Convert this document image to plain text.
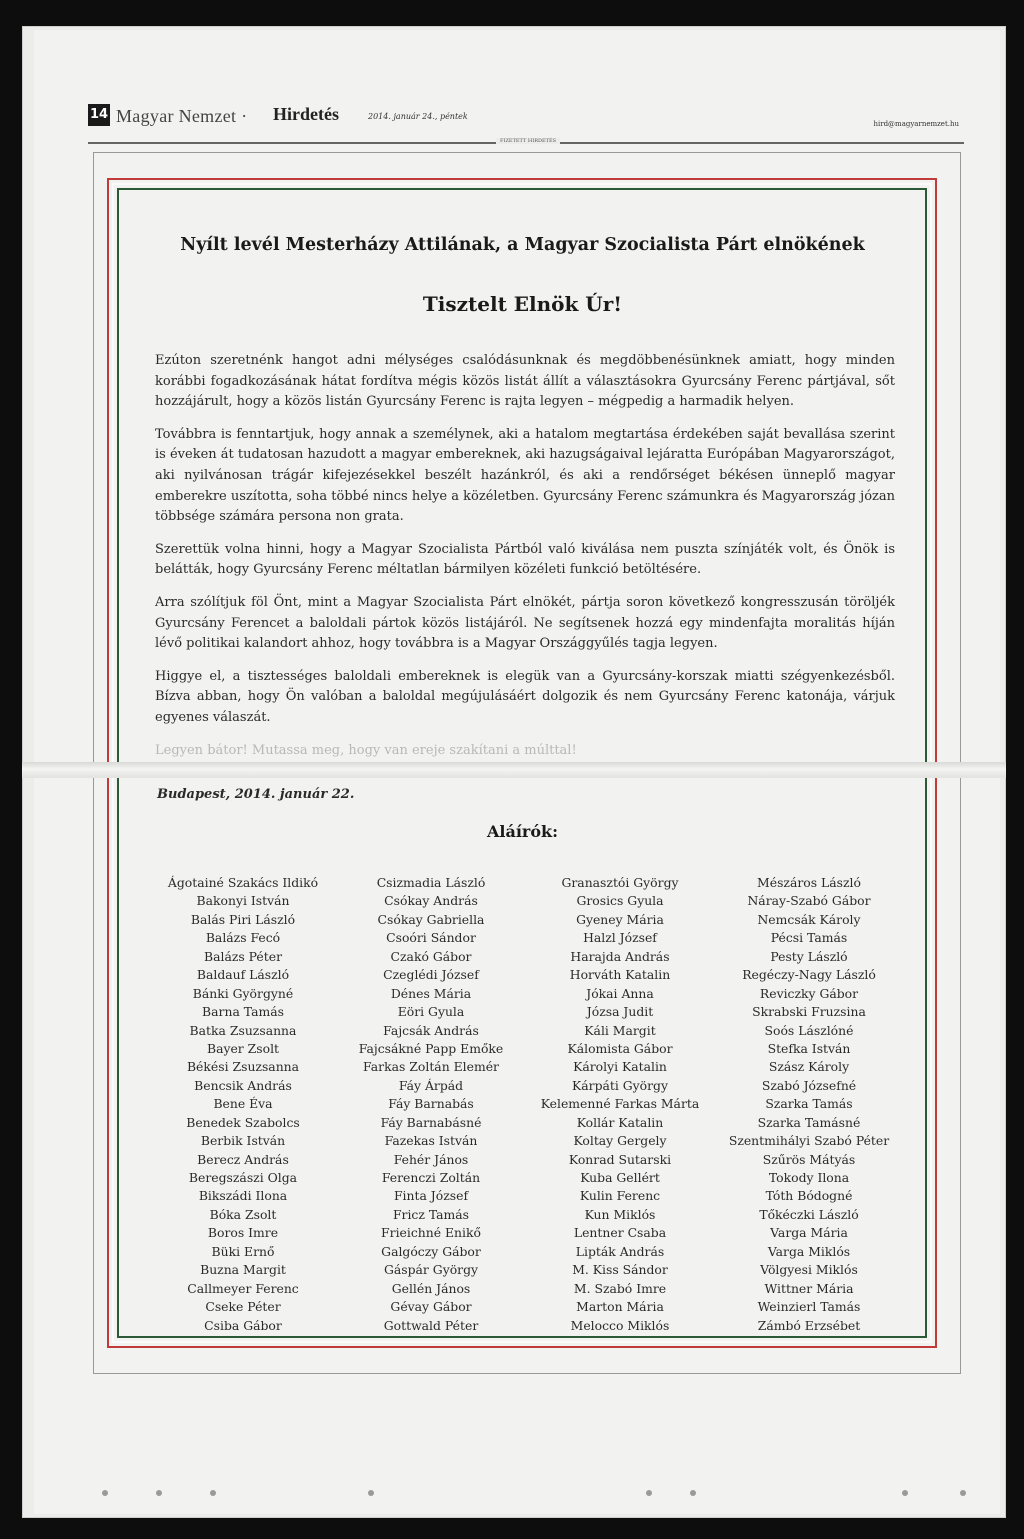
14 Magyar Nemzet · Hirdetés	2014. január 24., péntek
hird@magyarnemzet.hu
FIZETETT HIRDETÉS
Nyílt levél Mesterházy Attilának, a Magyar Szocialista Párt elnökének
Tisztelt Elnök Úr!

Ezúton szeretnénk hangot adni mélységes csalódásunknak és megdöbbenésünknek amiatt, hogy minden korábbi fogadkozásának hátat fordítva mégis közös listát állít a választásokra Gyurcsány Ferenc pártjával, sőt hozzájárult, hogy a közös listán Gyurcsány Ferenc is rajta legyen – mégpedig a harmadik helyen.

Továbbra is fenntartjuk, hogy annak a személynek, aki a hatalom megtartása érdekében saját bevallása szerint is éveken át tudatosan hazudott a magyar embereknek, aki hazugságaival lejáratta Európában Magyarországot, aki nyilvánosan trágár kifejezésekkel beszélt hazánkról, és aki a rendőrséget békésen ünneplő magyar emberekre uszította, soha többé nincs helye a közéletben. Gyurcsány Ferenc számunkra és Magyarország józan többsége számára persona non grata.

Szerettük volna hinni, hogy a Magyar Szocialista Pártból való kiválása nem puszta színjáték volt, és Önök is belátták, hogy Gyurcsány Ferenc méltatlan bármilyen közéleti funkció betöltésére.

Arra szólítjuk föl Önt, mint a Magyar Szocialista Párt elnökét, pártja soron következő kongresszusán töröljék Gyurcsány Ferencet a baloldali pártok közös listájáról. Ne segítsenek hozzá egy mindenfajta moralitás híján lévő politikai kalandort ahhoz, hogy továbbra is a Magyar Országgyűlés tagja legyen.

Higgye el, a tisztességes baloldali embereknek is elegük van a Gyurcsány-korszak miatti szégyenkezésből. Bízva abban, hogy Ön valóban a baloldal megújulásáért dolgozik és nem Gyurcsány Ferenc katonája, várjuk egyenes válaszát.

Legyen bátor! Mutassa meg, hogy van ereje szakítani a múlttal!

Budapest, 2014. január 22.
Aláírók:
Ágotainé Szakács Ildikó
Bakonyi István
Balás Piri László
Balázs Fecó
Balázs Péter
Baldauf László
Bánki Györgyné
Barna Tamás
Batka Zsuzsanna
Bayer Zsolt
Békési Zsuzsanna
Bencsik András
Bene Éva
Benedek Szabolcs
Berbik István
Berecz András
Beregszászi Olga
Bikszádi Ilona
Bóka Zsolt
Boros Imre
Büki Ernő
Buzna Margit
Callmeyer Ferenc
Cseke Péter
Csiba Gábor
Csizmadia László
Csókay András
Csókay Gabriella
Csoóri Sándor
Czakó Gábor
Czeglédi József
Dénes Mária
Eöri Gyula
Fajcsák András
Fajcsákné Papp Emőke
Farkas Zoltán Elemér
Fáy Árpád
Fáy Barnabás
Fáy Barnabásné
Fazekas István
Fehér János
Ferenczi Zoltán
Finta József
Fricz Tamás
Frieichné Enikő
Galgóczy Gábor
Gáspár György
Gellén János
Gévay Gábor
Gottwald Péter
Granasztói György
Grosics Gyula
Gyeney Mária
Halzl József
Harajda András
Horváth Katalin
Jókai Anna
Józsa Judit
Káli Margit
Kálomista Gábor
Károlyi Katalin
Kárpáti György
Kelemenné Farkas Márta
Kollár Katalin
Koltay Gergely
Konrad Sutarski
Kuba Gellért
Kulin Ferenc
Kun Miklós
Lentner Csaba
Lipták András
M. Kiss Sándor
M. Szabó Imre
Marton Mária
Melocco Miklós
Mészáros László
Náray-Szabó Gábor
Nemcsák Károly
Pécsi Tamás
Pesty László
Regéczy-Nagy László
Reviczky Gábor
Skrabski Fruzsina
Soós Lászlóné
Stefka István
Szász Károly
Szabó Józsefné
Szarka Tamás
Szarka Tamásné
Szentmihályi Szabó Péter
Szűrös Mátyás
Tokody Ilona
Tóth Bódogné
Tőkéczki László
Varga Mária
Varga Miklós
Völgyesi Miklós
Wittner Mária
Weinzierl Tamás
Zámbó Erzsébet
